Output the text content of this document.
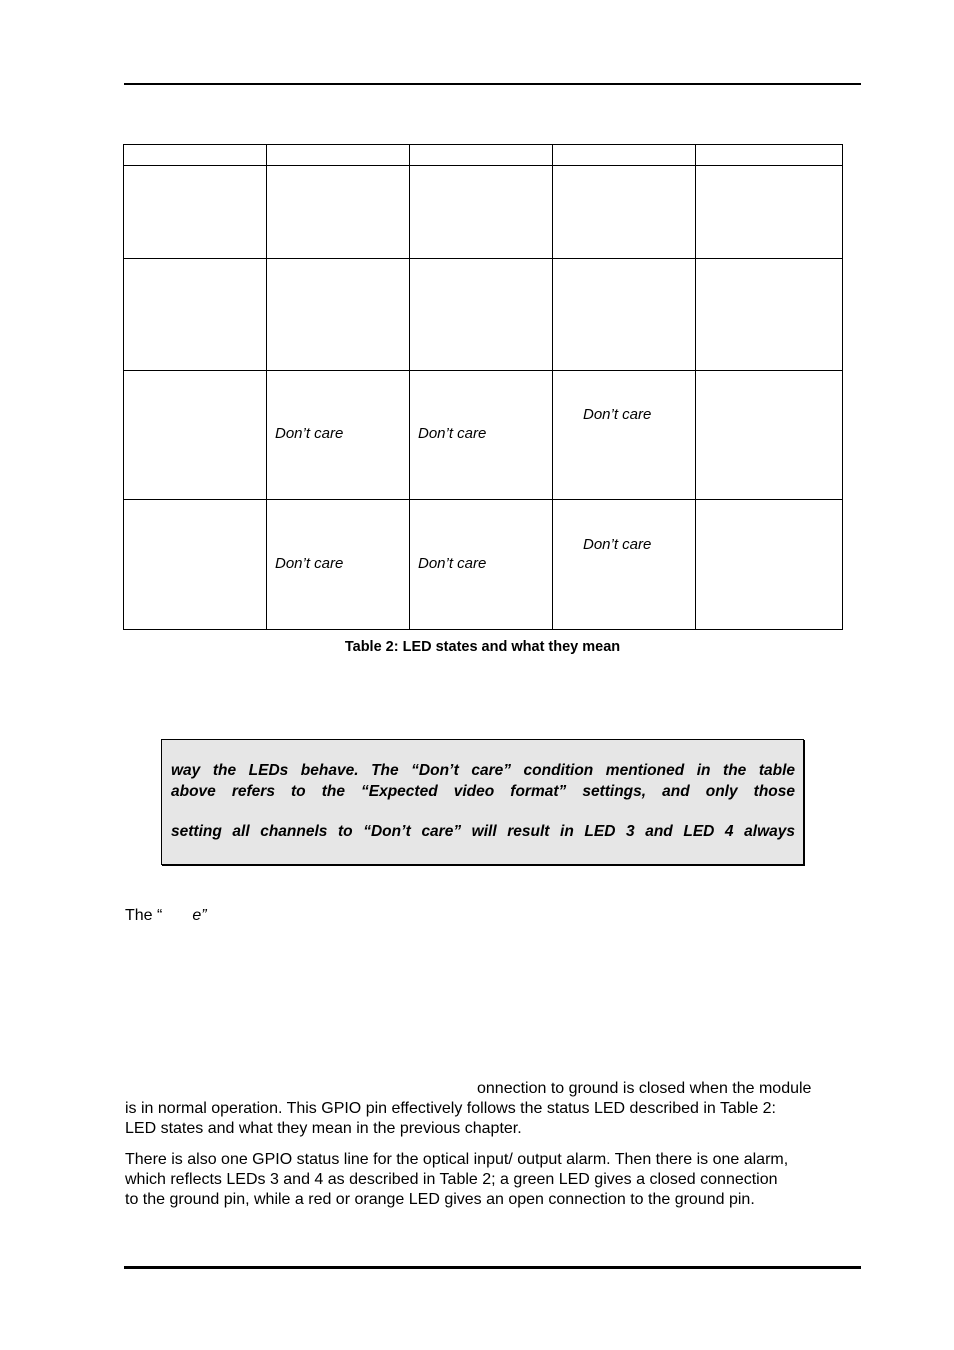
	Don’t care	Don’t care	Don’t care	

	Don’t care	Don’t care	Don’t care	

Table 2: LED states and what they mean
way the LEDs behave. The “Don’t care” condition mentioned in the table
above refers to the “Expected video format” settings, and only those
setting all channels to “Don’t care” will result in LED 3 and LED 4 always
The “ e”
onnection to ground is closed when the module
is in normal operation. This GPIO pin effectively follows the status LED described in Table 2:
LED states and what they mean in the previous chapter.
There is also one GPIO status line for the optical input/ output alarm. Then there is one alarm,
which reflects LEDs 3 and 4 as described in Table 2; a green LED gives a closed connection
to the ground pin, while a red or orange LED gives an open connection to the ground pin.
